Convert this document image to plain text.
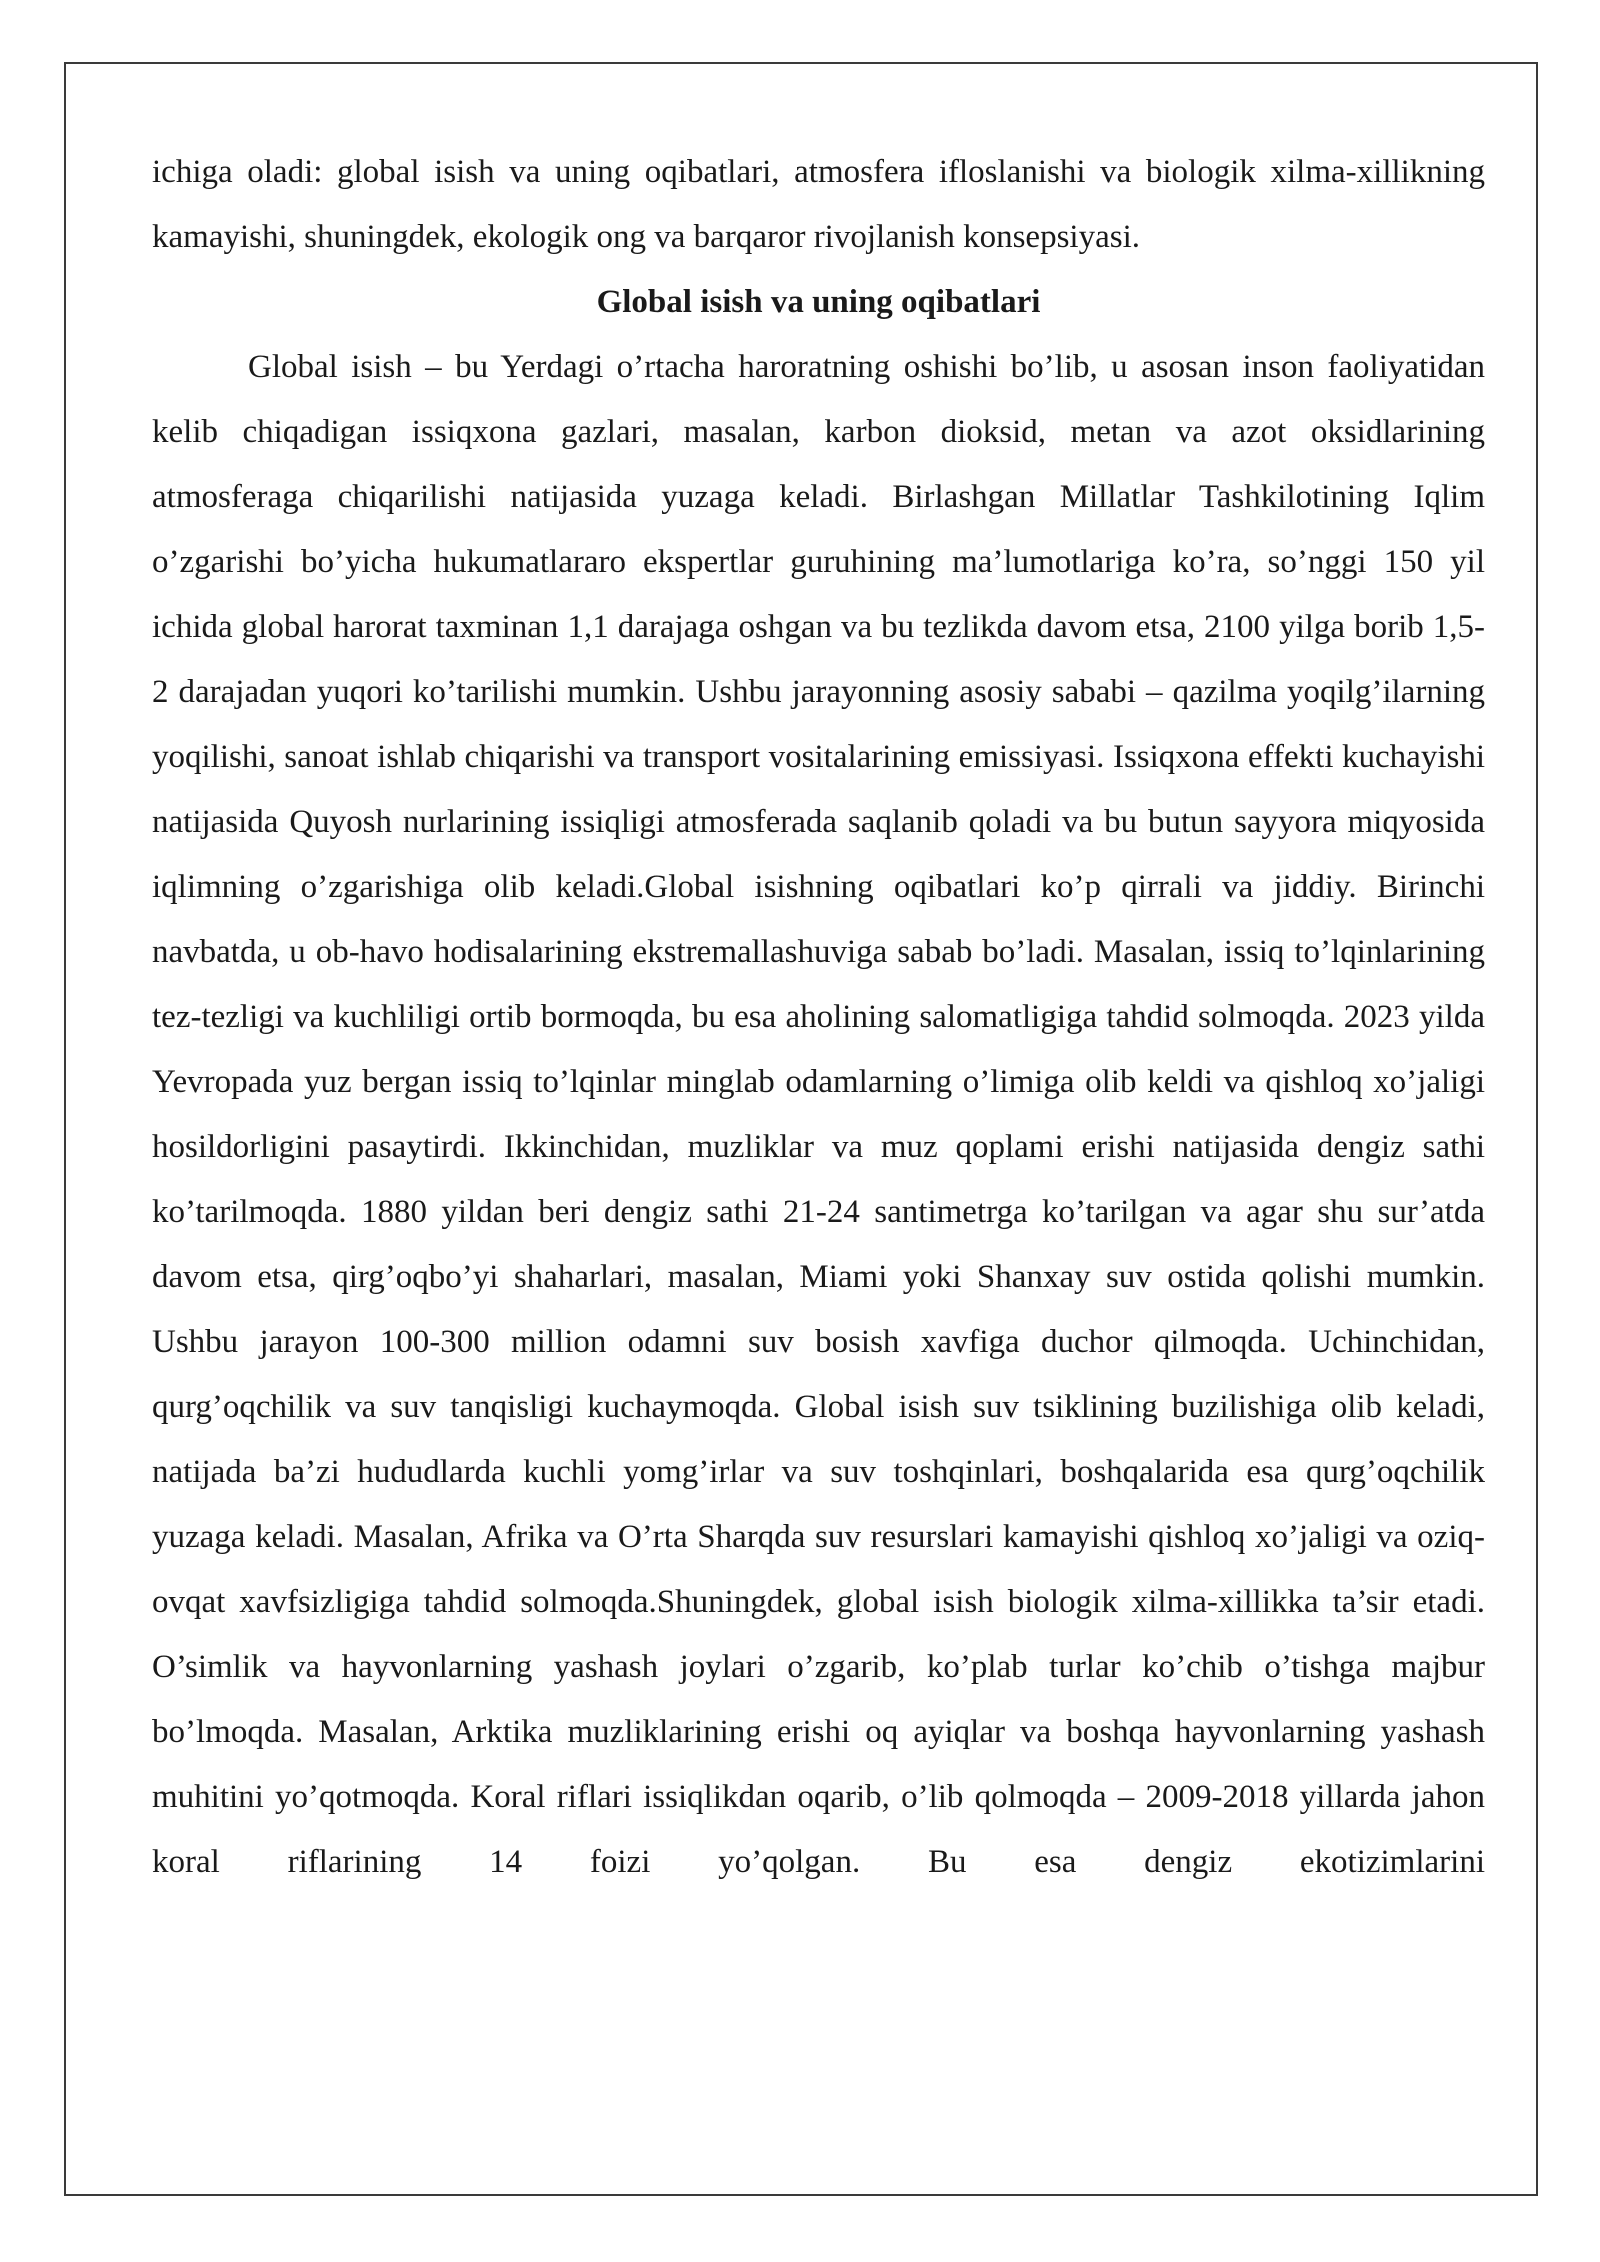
ichiga oladi: global isish va uning oqibatlari, atmosfera ifloslanishi va biologik xilma-xillikning kamayishi, shuningdek, ekologik ong va barqaror rivojlanish konsepsiyasi.

Global isish va uning oqibatlari

Global isish – bu Yerdagi o’rtacha haroratning oshishi bo’lib, u asosan inson faoliyatidan kelib chiqadigan issiqxona gazlari, masalan, karbon dioksid, metan va azot oksidlarining atmosferaga chiqarilishi natijasida yuzaga keladi. Birlashgan Millatlar Tashkilotining Iqlim o’zgarishi bo’yicha hukumatlararo ekspertlar guruhining ma’lumotlariga ko’ra, so’nggi 150 yil ichida global harorat taxminan 1,1 darajaga oshgan va bu tezlikda davom etsa, 2100 yilga borib 1,5-2 darajadan yuqori ko’tarilishi mumkin. Ushbu jarayonning asosiy sababi – qazilma yoqilg’ilarning yoqilishi, sanoat ishlab chiqarishi va transport vositalarining emissiyasi. Issiqxona effekti kuchayishi natijasida Quyosh nurlarining issiqligi atmosferada saqlanib qoladi va bu butun sayyora miqyosida iqlimning o’zgarishiga olib keladi.Global isishning oqibatlari ko’p qirrali va jiddiy. Birinchi navbatda, u ob-havo hodisalarining ekstremallashuviga sabab bo’ladi. Masalan, issiq to’lqinlarining tez-tezligi va kuchliligi ortib bormoqda, bu esa aholining salomatligiga tahdid solmoqda. 2023 yilda Yevropada yuz bergan issiq to’lqinlar minglab odamlarning o’limiga olib keldi va qishloq xo’jaligi hosildorligini pasaytirdi. Ikkinchidan, muzliklar va muz qoplami erishi natijasida dengiz sathi ko’tarilmoqda. 1880 yildan beri dengiz sathi 21-24 santimetrga ko’tarilgan va agar shu sur’atda davom etsa, qirg’oqbo’yi shaharlari, masalan, Miami yoki Shanxay suv ostida qolishi mumkin. Ushbu jarayon 100-300 million odamni suv bosish xavfiga duchor qilmoqda. Uchinchidan, qurg’oqchilik va suv tanqisligi kuchaymoqda. Global isish suv tsiklining buzilishiga olib keladi, natijada ba’zi hududlarda kuchli yomg’irlar va suv toshqinlari, boshqalarida esa qurg’oqchilik yuzaga keladi. Masalan, Afrika va O’rta Sharqda suv resurslari kamayishi qishloq xo’jaligi va oziq-ovqat xavfsizligiga tahdid solmoqda.Shuningdek, global isish biologik xilma-xillikka ta’sir etadi. O’simlik va hayvonlarning yashash joylari o’zgarib, ko’plab turlar ko’chib o’tishga majbur bo’lmoqda. Masalan, Arktika muzliklarining erishi oq ayiqlar va boshqa hayvonlarning yashash muhitini yo’qotmoqda. Koral riflari issiqlikdan oqarib, o’lib qolmoqda – 2009-2018 yillarda jahon koral riflarining 14 foizi yo’qolgan. Bu esa dengiz ekotizimlarini
